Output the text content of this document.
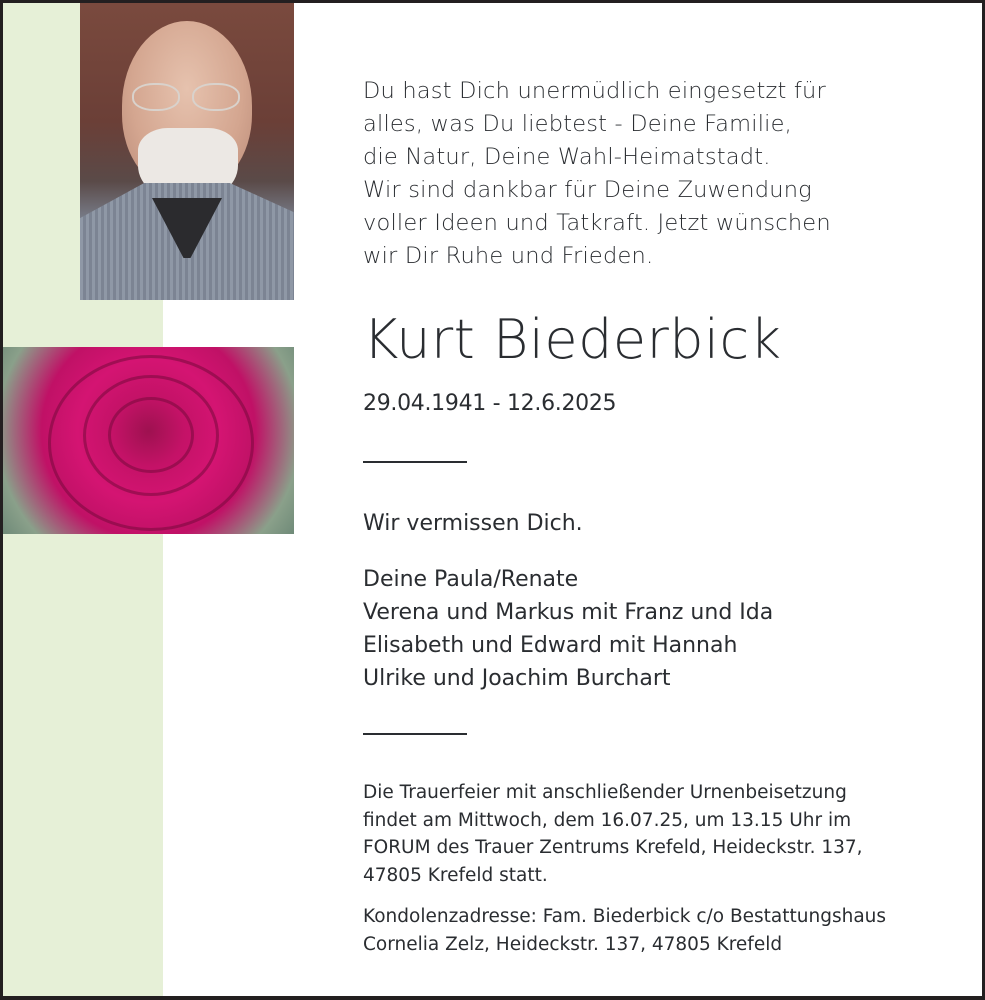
Du hast Dich unermüdlich eingesetzt für
alles, was Du liebtest - Deine Familie,
die Natur, Deine Wahl-Heimatstadt.
Wir sind dankbar für Deine Zuwendung
voller Ideen und Tatkraft. Jetzt wünschen
wir Dir Ruhe und Frieden.
Kurt Biederbick
29.04.1941 - 12.6.2025
Wir vermissen Dich.
Deine Paula/Renate
Verena und Markus mit Franz und Ida
Elisabeth und Edward mit Hannah
Ulrike und Joachim Burchart
Die Trauerfeier mit anschließender Urnenbeisetzung
findet am Mittwoch, dem 16.07.25, um 13.15 Uhr im
FORUM des Trauer Zentrums Krefeld, Heideckstr. 137,
47805 Krefeld statt.
Kondolenzadresse: Fam. Biederbick c/o Bestattungshaus
Cornelia Zelz, Heideckstr. 137, 47805 Krefeld
